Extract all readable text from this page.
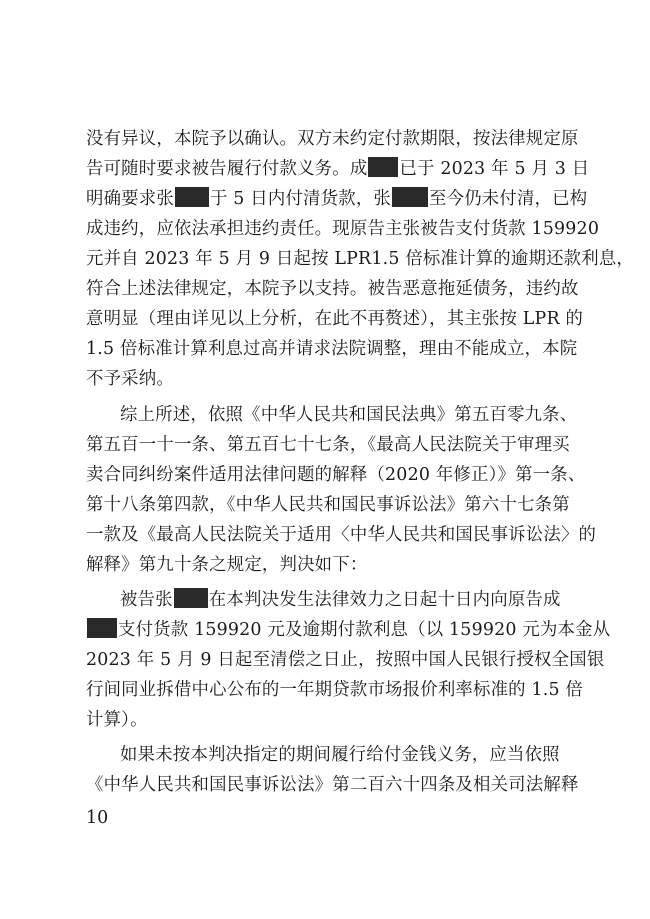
没有异议，本院予以确认。双方未约定付款期限，按法律规定原
告可随时要求被告履行付款义务。成 已于 2023 年 5 月 3 日
明确要求张 于 5 日内付清货款，张 至今仍未付清，已构
成违约，应依法承担违约责任。现原告主张被告支付货款 159920
元并自 2023 年 5 月 9 日起按 LPR1.5 倍标准计算的逾期还款利息，
符合上述法律规定，本院予以支持。被告恶意拖延债务，违约故
意明显（理由详见以上分析，在此不再赘述），其主张按 LPR 的
1.5 倍标准计算利息过高并请求法院调整，理由不能成立，本院
不予采纳。
综上所述，依照《中华人民共和国民法典》第五百零九条、
第五百一十一条、第五百七十七条，《最高人民法院关于审理买
卖合同纠纷案件适用法律问题的解释（2020 年修正）》第一条、
第十八条第四款，《中华人民共和国民事诉讼法》第六十七条第
一款及《最高人民法院关于适用〈中华人民共和国民事诉讼法〉的
解释》第九十条之规定，判决如下：
被告张 在本判决发生法律效力之日起十日内向原告成
支付货款 159920 元及逾期付款利息（以 159920 元为本金从
2023 年 5 月 9 日起至清偿之日止，按照中国人民银行授权全国银
行间同业拆借中心公布的一年期贷款市场报价利率标准的 1.5 倍
计算）。
如果未按本判决指定的期间履行给付金钱义务，应当依照
《中华人民共和国民事诉讼法》第二百六十四条及相关司法解释
10
